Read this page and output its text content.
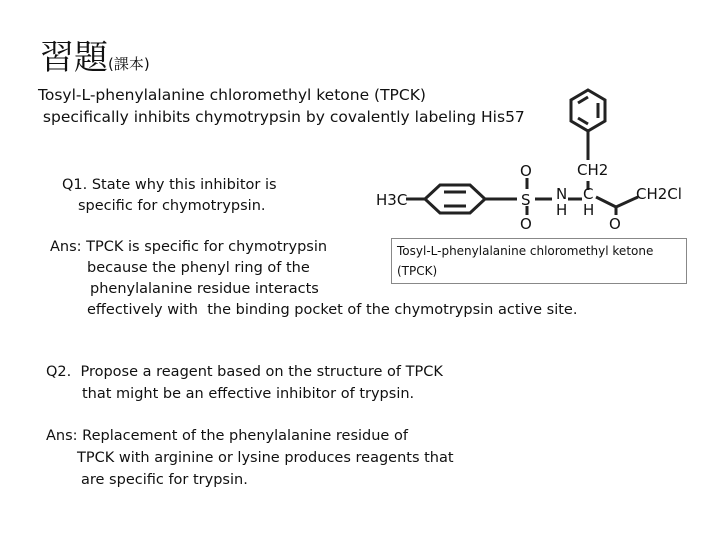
習題(課本)
Tosyl-L-phenylalanine chloromethyl ketone (TPCK)
specifically inhibits chymotrypsin by covalently labeling His57
Q1. State why this inhibitor is
specific for chymotrypsin.
Ans: TPCK is specific for chymotrypsin
because the phenyl ring of the
phenylalanine residue interacts
effectively with  the binding pocket of the chymotrypsin active site.
Q2.  Propose a reagent based on the structure of TPCK
that might be an effective inhibitor of trypsin.
Ans: Replacement of the phenylalanine residue of
TPCK with arginine or lysine produces reagents that
are specific for trypsin.
H3C	S
O
O
N
H
C
H
CH2
O
CH2Cl
Tosyl-L-phenylalanine chloromethyl ketone
(TPCK)
